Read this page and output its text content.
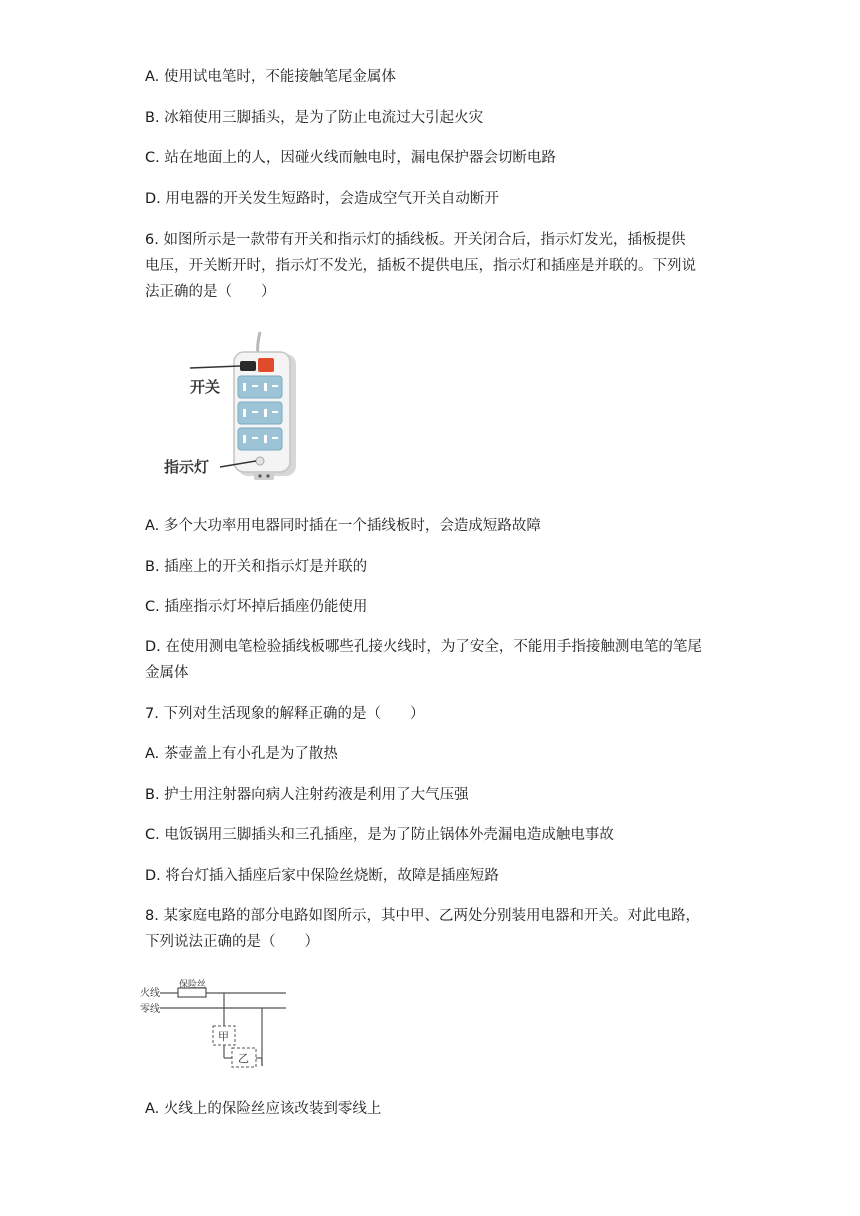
A. 使用试电笔时，不能接触笔尾金属体
B. 冰箱使用三脚插头，是为了防止电流过大引起火灾
C. 站在地面上的人，因碰火线而触电时，漏电保护器会切断电路
D. 用电器的开关发生短路时，会造成空气开关自动断开
6. 如图所示是一款带有开关和指示灯的插线板。开关闭合后，指示灯发光，插板提供
电压，开关断开时，指示灯不发光，插板不提供电压，指示灯和插座是并联的。下列说
法正确的是（　　）
开关
指示灯
A. 多个大功率用电器同时插在一个插线板时，会造成短路故障
B. 插座上的开关和指示灯是并联的
C. 插座指示灯坏掉后插座仍能使用
D. 在使用测电笔检验插线板哪些孔接火线时，为了安全，不能用手指接触测电笔的笔尾
金属体
7. 下列对生活现象的解释正确的是（　　）
A. 茶壶盖上有小孔是为了散热
B. 护士用注射器向病人注射药液是利用了大气压强
C. 电饭锅用三脚插头和三孔插座，是为了防止锅体外壳漏电造成触电事故
D. 将台灯插入插座后家中保险丝烧断，故障是插座短路
8. 某家庭电路的部分电路如图所示，其中甲、乙两处分别装用电器和开关。对此电路，
下列说法正确的是（　　）
火线
零线
保险丝
甲
乙
A. 火线上的保险丝应该改装到零线上
